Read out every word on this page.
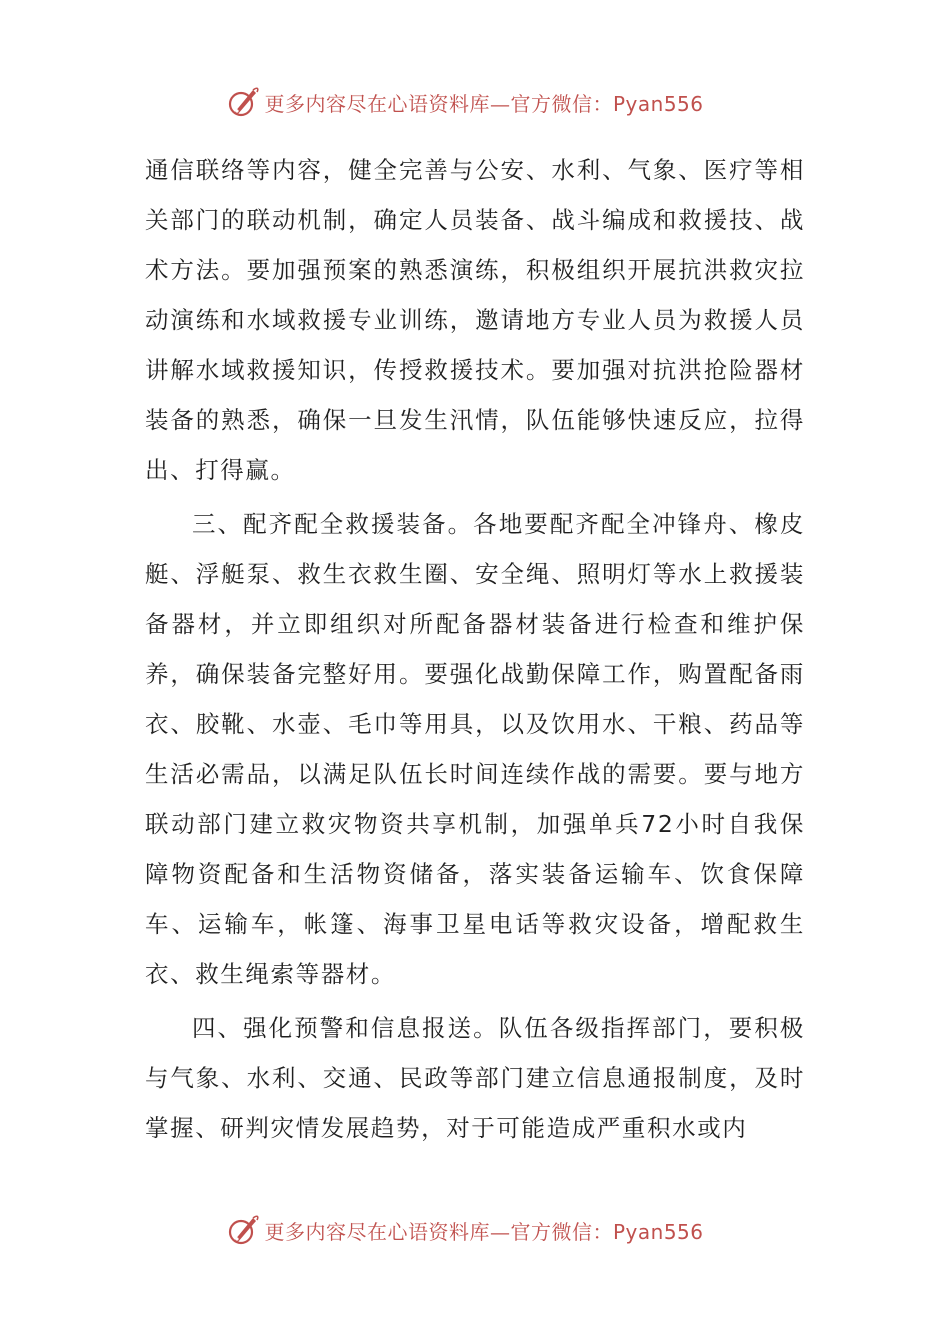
更多内容尽在心语资料库—官方微信：Pyan556

通信联络等内容，健全完善与公安、水利、气象、医疗等相关部门的联动机制，确定人员装备、战斗编成和救援技、战术方法。要加强预案的熟悉演练，积极组织开展抗洪救灾拉动演练和水域救援专业训练，邀请地方专业人员为救援人员讲解水域救援知识，传授救援技术。要加强对抗洪抢险器材装备的熟悉，确保一旦发生汛情，队伍能够快速反应，拉得出、打得赢。

三、配齐配全救援装备。各地要配齐配全冲锋舟、橡皮艇、浮艇泵、救生衣救生圈、安全绳、照明灯等水上救援装备器材，并立即组织对所配备器材装备进行检查和维护保养，确保装备完整好用。要强化战勤保障工作，购置配备雨衣、胶靴、水壶、毛巾等用具，以及饮用水、干粮、药品等生活必需品，以满足队伍长时间连续作战的需要。要与地方联动部门建立救灾物资共享机制，加强单兵72小时自我保障物资配备和生活物资储备，落实装备运输车、饮食保障车、运输车，帐篷、海事卫星电话等救灾设备，增配救生衣、救生绳索等器材。

四、强化预警和信息报送。队伍各级指挥部门，要积极与气象、水利、交通、民政等部门建立信息通报制度，及时掌握、研判灾情发展趋势，对于可能造成严重积水或内

更多内容尽在心语资料库—官方微信：Pyan556
